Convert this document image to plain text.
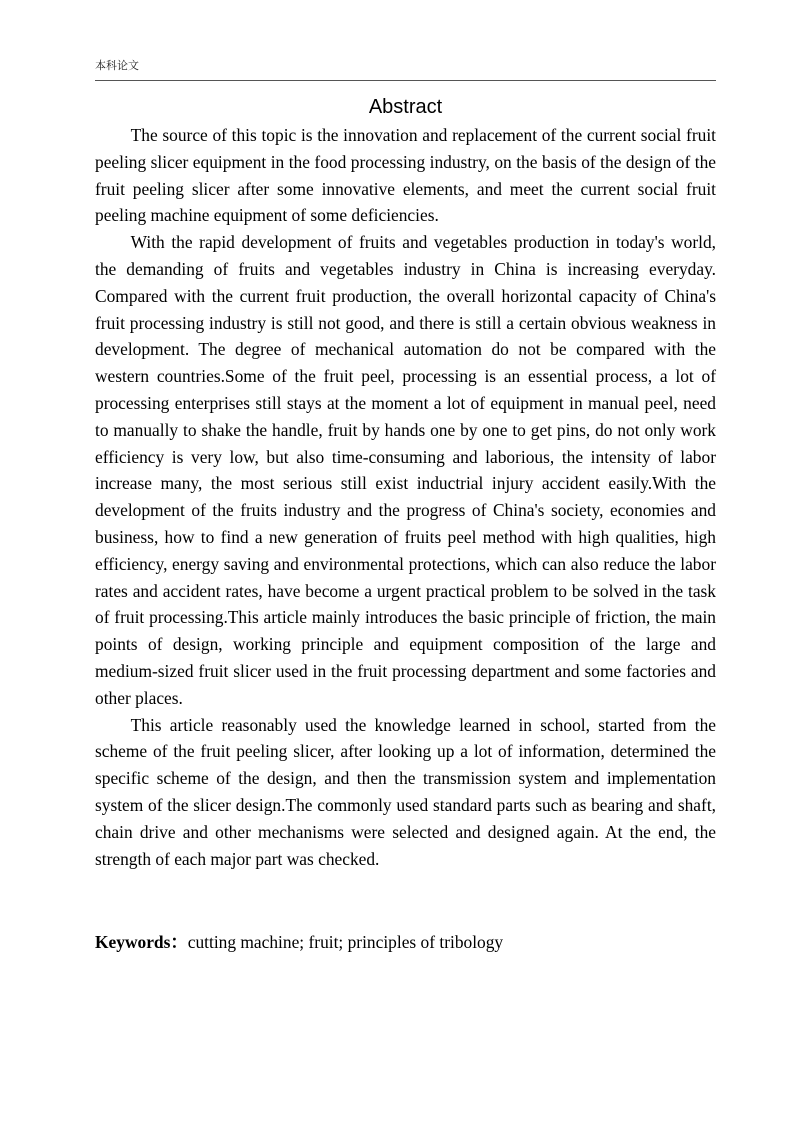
本科论文
Abstract

The source of this topic is the innovation and replacement of the current social fruit peeling slicer equipment in the food processing industry, on the basis of the design of the fruit peeling slicer after some innovative elements, and meet the current social fruit peeling machine equipment of some deficiencies.

With the rapid development of fruits and vegetables production in today's world, the demanding of fruits and vegetables industry in China is increasing everyday. Compared with the current fruit production, the overall horizontal capacity of China's fruit processing industry is still not good, and there is still a certain obvious weakness in development. The degree of mechanical automation do not be compared with the western countries.Some of the fruit peel, processing is an essential process, a lot of processing enterprises still stays at the moment a lot of equipment in manual peel, need to manually to shake the handle, fruit by hands one by one to get pins, do not only work efficiency is very low, but also time-consuming and laborious, the intensity of labor increase many, the most serious still exist inductrial injury accident easily.With the development of the fruits industry and the progress of China's society, economies and business, how to find a new generation of fruits peel method with high qualities, high efficiency, energy saving and environmental protections, which can also reduce the labor rates and accident rates, have become a urgent practical problem to be solved in the task of fruit processing.This article mainly introduces the basic principle of friction, the main points of design, working principle and equipment composition of the large and medium-sized fruit slicer used in the fruit processing department and some factories and other places.

This article reasonably used the knowledge learned in school, started from the scheme of the fruit peeling slicer, after looking up a lot of information, determined the specific scheme of the design, and then the transmission system and implementation system of the slicer design.The commonly used standard parts such as bearing and shaft, chain drive and other mechanisms were selected and designed again. At the end, the strength of each major part was checked.

Keywords：cutting machine; fruit; principles of tribology
